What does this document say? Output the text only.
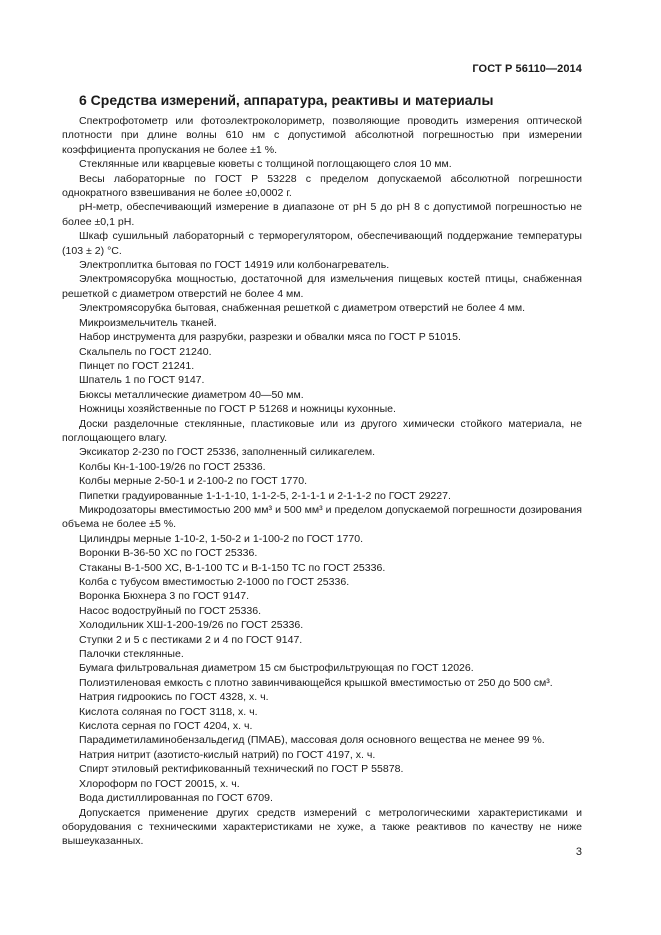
ГОСТ Р 56110—2014
6 Средства измерений, аппаратура, реактивы и материалы

Спектрофотометр или фотоэлектроколориметр, позволяющие проводить измерения оптической плотности при длине волны 610 нм с допустимой абсолютной погрешностью при измерении коэффициента пропускания не более ±1 %.

Стеклянные или кварцевые кюветы с толщиной поглощающего слоя 10 мм.

Весы лабораторные по ГОСТ Р 53228 с пределом допускаемой абсолютной погрешности однократного взвешивания не более ±0,0002 г.

рН-метр, обеспечивающий измерение в диапазоне от рН 5 до рН 8 с допустимой погрешностью не более ±0,1 рН.

Шкаф сушильный лабораторный с терморегулятором, обеспечивающий поддержание температуры (103 ± 2) °С.

Электроплитка бытовая по ГОСТ 14919 или колбонагреватель.

Электромясорубка мощностью, достаточной для измельчения пищевых костей птицы, снабженная решеткой с диаметром отверстий не более 4 мм.

Электромясорубка бытовая, снабженная решеткой с диаметром отверстий не более 4 мм.

Микроизмельчитель тканей.

Набор инструмента для разрубки, разрезки и обвалки мяса по ГОСТ Р 51015.

Скальпель по ГОСТ 21240.

Пинцет по ГОСТ 21241.

Шпатель 1 по ГОСТ 9147.

Бюксы металлические диаметром 40—50 мм.

Ножницы хозяйственные по ГОСТ Р 51268 и ножницы кухонные.

Доски разделочные стеклянные, пластиковые или из другого химически стойкого материала, не поглощающего влагу.

Эксикатор 2-230 по ГОСТ 25336, заполненный силикагелем.

Колбы Кн-1-100-19/26 по ГОСТ 25336.

Колбы мерные 2-50-1 и 2-100-2 по ГОСТ 1770.

Пипетки градуированные 1-1-1-10, 1-1-2-5, 2-1-1-1 и 2-1-1-2 по ГОСТ 29227.

Микродозаторы вместимостью 200 мм³ и 500 мм³ и пределом допускаемой погрешности дозирования объема не более ±5 %.

Цилиндры мерные 1-10-2, 1-50-2 и 1-100-2 по ГОСТ 1770.

Воронки В-36-50 ХС по ГОСТ 25336.

Стаканы В-1-500 ХС, В-1-100 ТС и В-1-150 ТС по ГОСТ 25336.

Колба с тубусом вместимостью 2-1000 по ГОСТ 25336.

Воронка Бюхнера 3 по ГОСТ 9147.

Насос водоструйный по ГОСТ 25336.

Холодильник ХШ-1-200-19/26 по ГОСТ 25336.

Ступки 2 и 5 с пестиками 2 и 4 по ГОСТ 9147.

Палочки стеклянные.

Бумага фильтровальная диаметром 15 см быстрофильтрующая по ГОСТ 12026.

Полиэтиленовая емкость с плотно завинчивающейся крышкой вместимостью от 250 до 500 см³.

Натрия гидроокись по ГОСТ 4328, х. ч.

Кислота соляная по ГОСТ 3118, х. ч.

Кислота серная по ГОСТ 4204, х. ч.

Парадиметиламинобензальдегид (ПМАБ), массовая доля основного вещества не менее 99 %.

Натрия нитрит (азотисто-кислый натрий) по ГОСТ 4197, х. ч.

Спирт этиловый ректификованный технический по ГОСТ Р 55878.

Хлороформ по ГОСТ 20015, х. ч.

Вода дистиллированная по ГОСТ 6709.

Допускается применение других средств измерений с метрологическими характеристиками и оборудования с техническими характеристиками не хуже, а также реактивов по качеству не ниже вышеуказанных.

3
